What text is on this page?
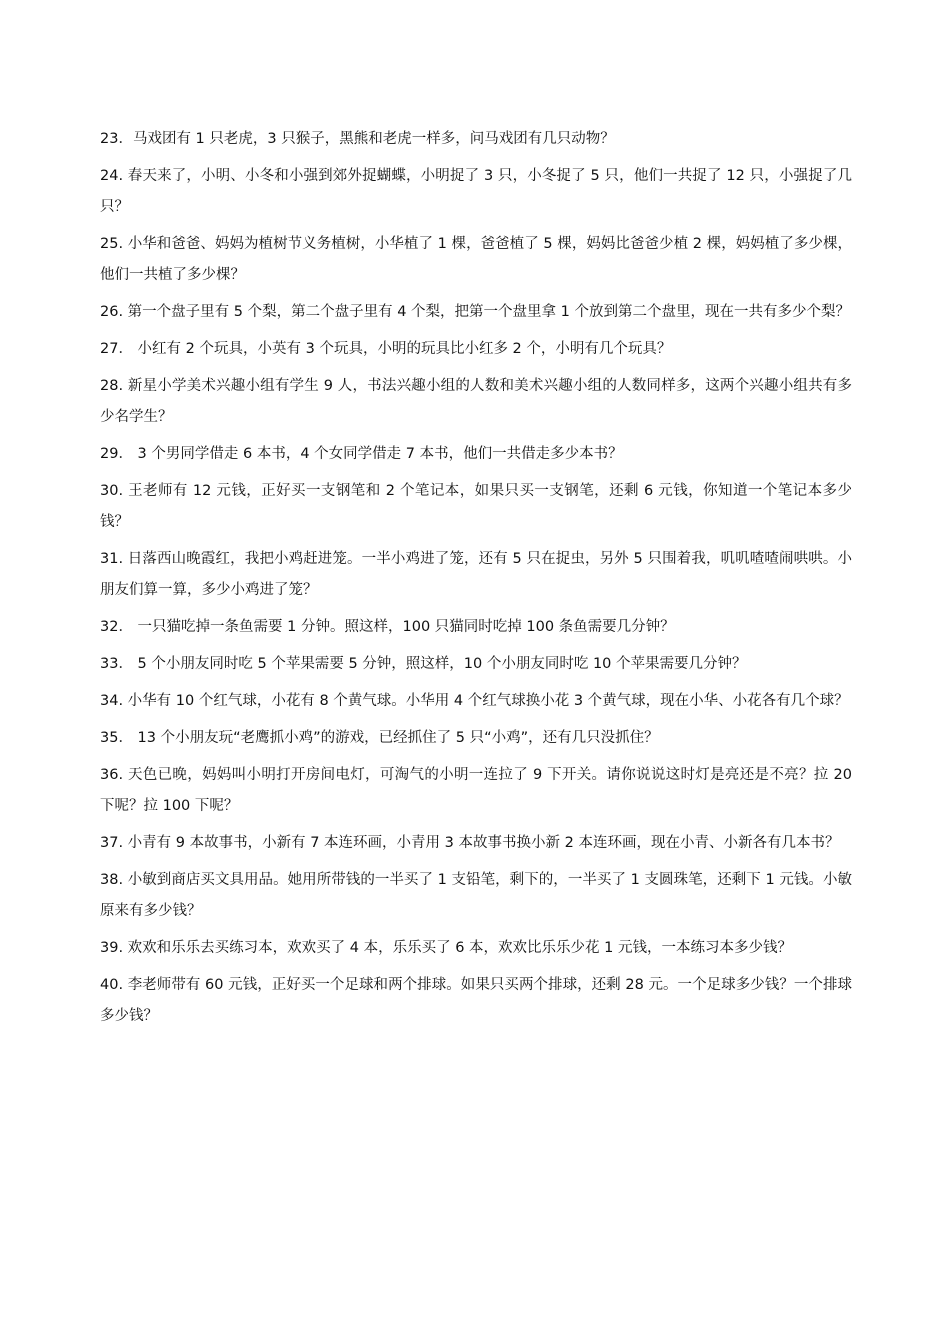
23．马戏团有 1 只老虎，3 只猴子，黑熊和老虎一样多，问马戏团有几只动物？
24. 春天来了，小明、小冬和小强到郊外捉蝴蝶，小明捉了 3 只，小冬捉了 5 只，他们一共捉了 12 只，小强捉了几只？
25. 小华和爸爸、妈妈为植树节义务植树，小华植了 1 棵，爸爸植了 5 棵，妈妈比爸爸少植 2 棵，妈妈植了多少棵，他们一共植了多少棵？
26. 第一个盘子里有 5 个梨，第二个盘子里有 4 个梨，把第一个盘里拿 1 个放到第二个盘里，现在一共有多少个梨？
27． 小红有 2 个玩具，小英有 3 个玩具，小明的玩具比小红多 2 个，小明有几个玩具？
28. 新星小学美术兴趣小组有学生 9 人，书法兴趣小组的人数和美术兴趣小组的人数同样多，这两个兴趣小组共有多少名学生？
29． 3 个男同学借走 6 本书，4 个女同学借走 7 本书，他们一共借走多少本书？
30. 王老师有 12 元钱，正好买一支钢笔和 2 个笔记本，如果只买一支钢笔，还剩 6 元钱，你知道一个笔记本多少钱？
31. 日落西山晚霞红，我把小鸡赶进笼。一半小鸡进了笼，还有 5 只在捉虫，另外 5 只围着我，叽叽喳喳闹哄哄。小朋友们算一算，多少小鸡进了笼？
32． 一只猫吃掉一条鱼需要 1 分钟。照这样，100 只猫同时吃掉 100 条鱼需要几分钟？
33． 5 个小朋友同时吃 5 个苹果需要 5 分钟，照这样，10 个小朋友同时吃 10 个苹果需要几分钟？
34. 小华有 10 个红气球，小花有 8 个黄气球。小华用 4 个红气球换小花 3 个黄气球，现在小华、小花各有几个球？
35． 13 个小朋友玩“老鹰抓小鸡”的游戏，已经抓住了 5 只“小鸡”，还有几只没抓住？
36. 天色已晚，妈妈叫小明打开房间电灯，可淘气的小明一连拉了 9 下开关。请你说说这时灯是亮还是不亮？拉 20 下呢？拉 100 下呢？
37. 小青有 9 本故事书，小新有 7 本连环画，小青用 3 本故事书换小新 2 本连环画，现在小青、小新各有几本书？
38. 小敏到商店买文具用品。她用所带钱的一半买了 1 支铅笔，剩下的，一半买了 1 支圆珠笔，还剩下 1 元钱。小敏原来有多少钱？
39. 欢欢和乐乐去买练习本，欢欢买了 4 本，乐乐买了 6 本，欢欢比乐乐少花 1 元钱，一本练习本多少钱？
40. 李老师带有 60 元钱，正好买一个足球和两个排球。如果只买两个排球，还剩 28 元。一个足球多少钱？一个排球多少钱？
